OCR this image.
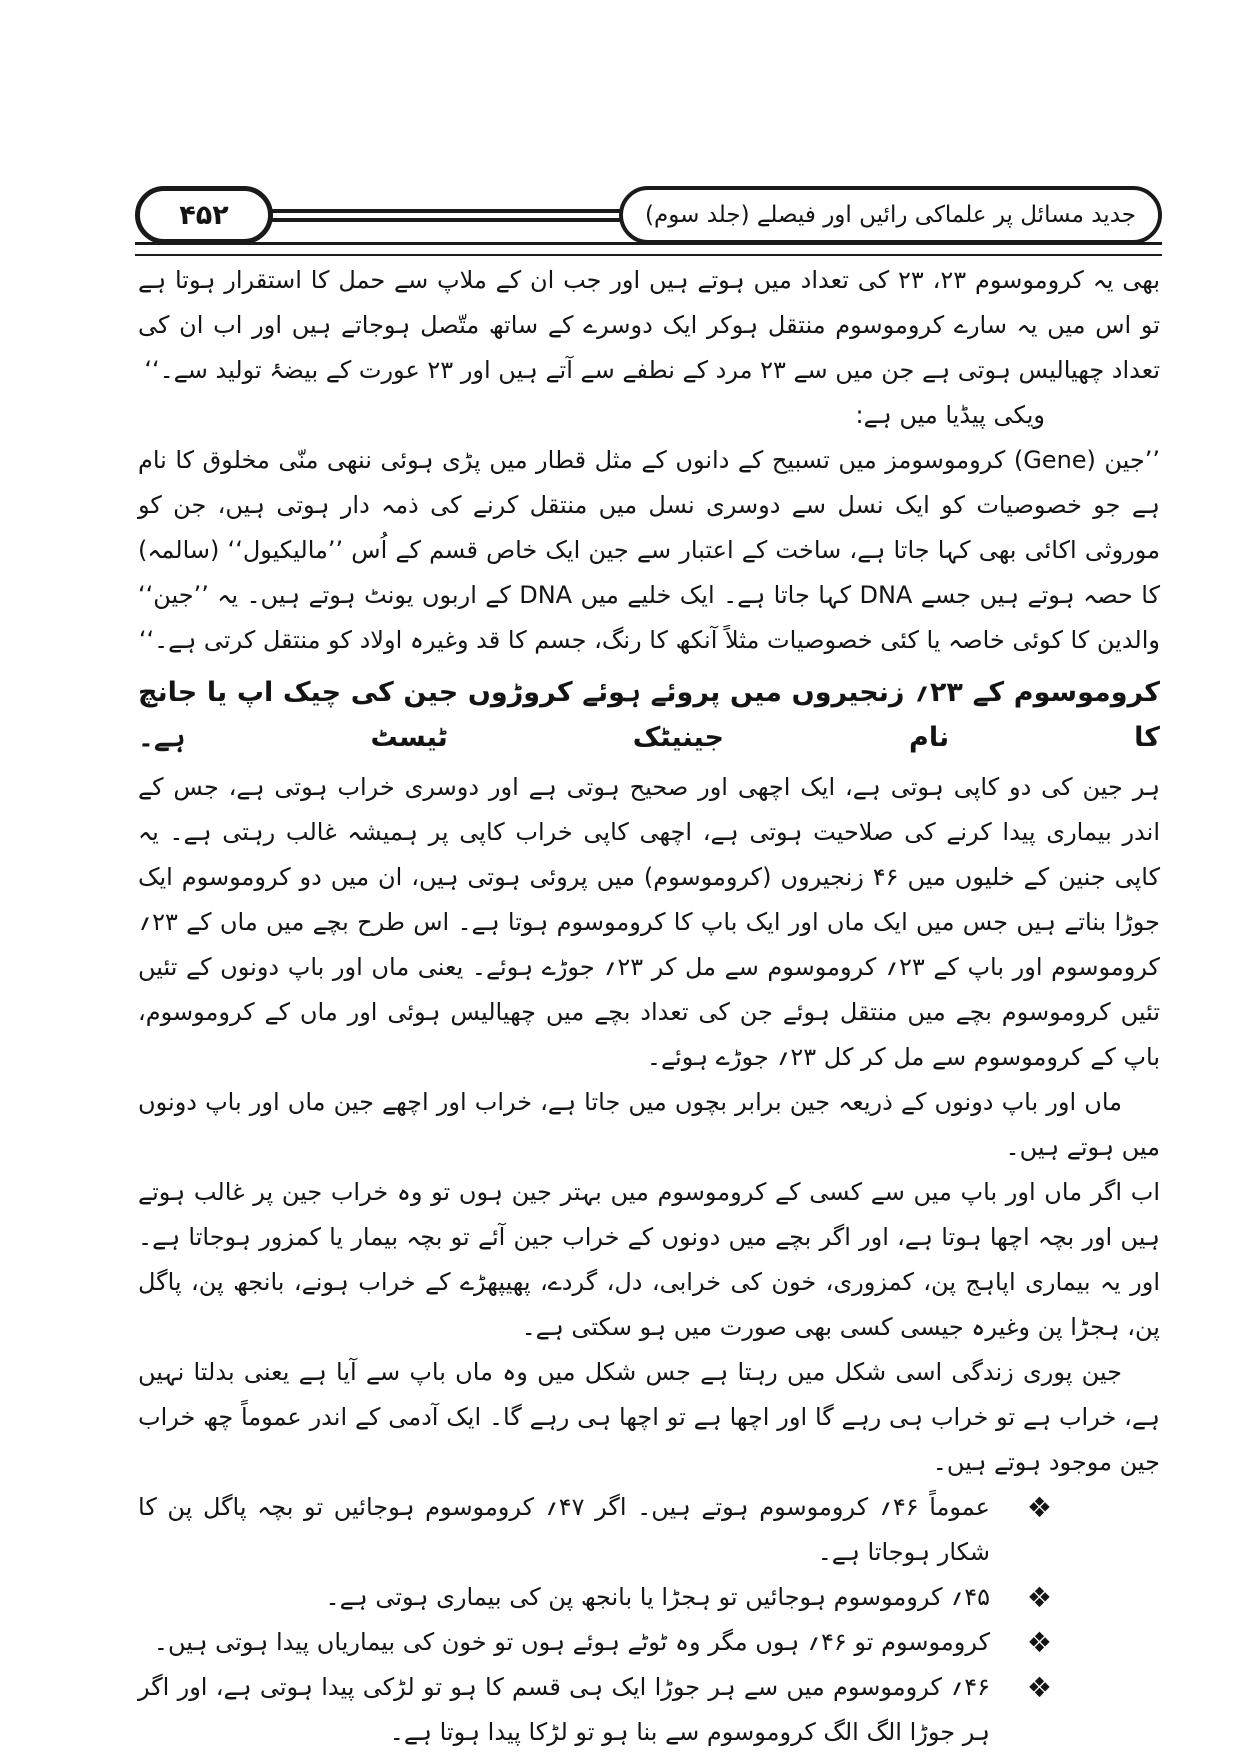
۴۵۲	جدید مسائل پر علماکی رائیں اور فیصلے (جلد سوم)

بھی یہ کروموسوم ۲۳، ۲۳ کی تعداد میں ہوتے ہیں اور جب ان کے ملاپ سے حمل کا استقرار ہوتا ہے تو اس میں یہ سارے کروموسوم منتقل ہوکر ایک دوسرے کے ساتھ متّصل ہوجاتے ہیں اور اب ان کی تعداد چھیالیس ہوتی ہے جن میں سے ۲۳ مرد کے نطفے سے آتے ہیں اور ۲۳ عورت کے بیضۂ تولید سے۔‘‘

ویکی پیڈیا میں ہے:

’’جین (Gene) کروموسومز میں تسبیح کے دانوں کے مثل قطار میں پڑی ہوئی ننھی منّی مخلوق کا نام ہے جو خصوصیات کو ایک نسل سے دوسری نسل میں منتقل کرنے کی ذمہ دار ہوتی ہیں، جن کو موروثی اکائی بھی کہا جاتا ہے، ساخت کے اعتبار سے جین ایک خاص قسم کے اُس ’’مالیکیول‘‘ (سالمہ) کا حصہ ہوتے ہیں جسے DNA کہا جاتا ہے۔ ایک خلیے میں DNA کے اربوں یونٹ ہوتے ہیں۔ یہ ’’جین‘‘ والدین کا کوئی خاصہ یا کئی خصوصیات مثلاً آنکھ کا رنگ، جسم کا قد وغیرہ اولاد کو منتقل کرتی ہے۔‘‘

کروموسوم کے ۲۳؍ زنجیروں میں پروئے ہوئے کروڑوں جین کی چیک اپ یا جانچ کا نام جینیٹک ٹیسٹ ہے۔

ہر جین کی دو کاپی ہوتی ہے، ایک اچھی اور صحیح ہوتی ہے اور دوسری خراب ہوتی ہے، جس کے اندر بیماری پیدا کرنے کی صلاحیت ہوتی ہے، اچھی کاپی خراب کاپی پر ہمیشہ غالب رہتی ہے۔ یہ کاپی جنین کے خلیوں میں ۴۶ زنجیروں (کروموسوم) میں پروئی ہوتی ہیں، ان میں دو کروموسوم ایک جوڑا بناتے ہیں جس میں ایک ماں اور ایک باپ کا کروموسوم ہوتا ہے۔ اس طرح بچے میں ماں کے ۲۳؍ کروموسوم اور باپ کے ۲۳؍ کروموسوم سے مل کر ۲۳؍ جوڑے ہوئے۔ یعنی ماں اور باپ دونوں کے تئیں تئیں کروموسوم بچے میں منتقل ہوئے جن کی تعداد بچے میں چھیالیس ہوئی اور ماں کے کروموسوم، باپ کے کروموسوم سے مل کر کل ۲۳؍ جوڑے ہوئے۔

ماں اور باپ دونوں کے ذریعہ جین برابر بچوں میں جاتا ہے، خراب اور اچھے جین ماں اور باپ دونوں میں ہوتے ہیں۔

اب اگر ماں اور باپ میں سے کسی کے کروموسوم میں بہتر جین ہوں تو وہ خراب جین پر غالب ہوتے ہیں اور بچہ اچھا ہوتا ہے، اور اگر بچے میں دونوں کے خراب جین آئے تو بچہ بیمار یا کمزور ہوجاتا ہے۔ اور یہ بیماری اپاہج پن، کمزوری، خون کی خرابی، دل، گردے، پھیپھڑے کے خراب ہونے، بانجھ پن، پاگل پن، ہجڑا پن وغیرہ جیسی کسی بھی صورت میں ہو سکتی ہے۔

جین پوری زندگی اسی شکل میں رہتا ہے جس شکل میں وہ ماں باپ سے آیا ہے یعنی بدلتا نہیں ہے، خراب ہے تو خراب ہی رہے گا اور اچھا ہے تو اچھا ہی رہے گا۔ ایک آدمی کے اندر عموماً چھ خراب جین موجود ہوتے ہیں۔

❖
عموماً ۴۶؍ کروموسوم ہوتے ہیں۔ اگر ۴۷؍ کروموسوم ہوجائیں تو بچہ پاگل پن کا شکار ہوجاتا ہے۔
❖
۴۵؍ کروموسوم ہوجائیں تو ہجڑا یا بانجھ پن کی بیماری ہوتی ہے۔
❖
کروموسوم تو ۴۶؍ ہوں مگر وہ ٹوٹے ہوئے ہوں تو خون کی بیماریاں پیدا ہوتی ہیں۔
❖
۴۶؍ کروموسوم میں سے ہر جوڑا ایک ہی قسم کا ہو تو لڑکی پیدا ہوتی ہے، اور اگر ہر جوڑا الگ الگ کروموسوم سے بنا ہو تو لڑکا پیدا ہوتا ہے۔
